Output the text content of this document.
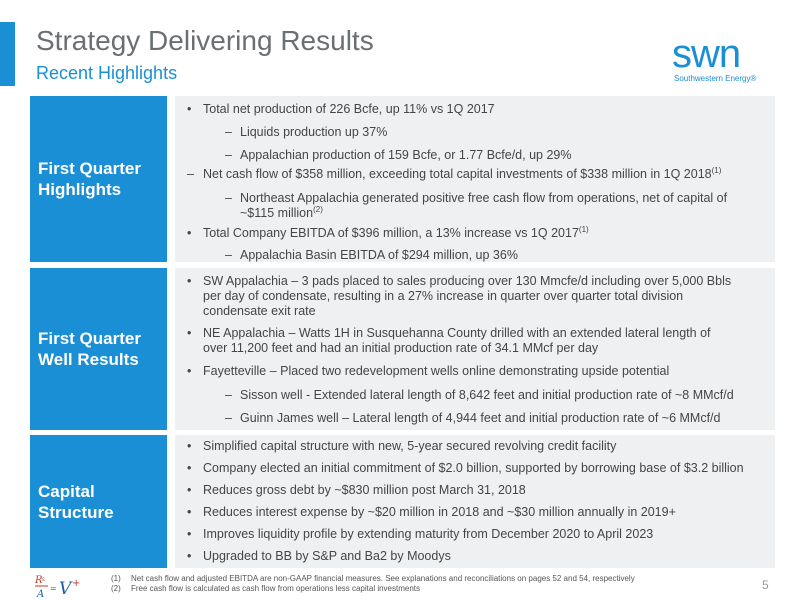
Strategy Delivering Results
Recent Highlights	swn
Southwestern Energy®
First Quarter
Highlights
• Total net production of 226 Bcfe, up 11% vs 1Q 2017
– Liquids production up 37%
– Appalachian production of 159 Bcfe, or 1.77 Bcfe/d, up 29%
– Net cash flow of $358 million, exceeding total capital investments of $338 million in 1Q 2018$^{(1)}$
– Northeast Appalachia generated positive free cash flow from operations, net of capital of
~$115 million$^{(2)}$
• Total Company EBITDA of $396 million, a 13% increase vs 1Q 2017$^{(1)}$
– Appalachia Basin EBITDA of $294 million, up 36%
First Quarter
Well Results
• SW Appalachia – 3 pads placed to sales producing over 130 Mmcfe/d including over 5,000 Bbls
per day of condensate, resulting in a 27% increase in quarter over quarter total division
condensate exit rate
• NE Appalachia – Watts 1H in Susquehanna County drilled with an extended lateral length of
over 11,200 feet and had an initial production rate of 34.1 MMcf per day
• Fayetteville – Placed two redevelopment wells online demonstrating upside potential
– Sisson well - Extended lateral length of 8,642 feet and initial production rate of ~8 MMcf/d
– Guinn James well – Lateral length of 4,944 feet and initial production rate of ~6 MMcf/d
Capital
Structure
• Simplified capital structure with new, 5-year secured revolving credit facility
• Company elected an initial commitment of $2.0 billion, supported by borrowing base of $3.2 billion
• Reduces gross debt by ~$830 million post March 31, 2018
• Reduces interest expense by ~$20 million in 2018 and ~$30 million annually in 2019+
• Improves liquidity profile by extending maturity from December 2020 to April 2023
• Upgraded to BB by S&P and Ba2 by Moodys
R ε
A
= V +	(1) Net cash flow and adjusted EBITDA are non-GAAP financial measures. See explanations and reconciliations on pages 52 and 54, respectively
(2) Free cash flow is calculated as cash flow from operations less capital investments	5
